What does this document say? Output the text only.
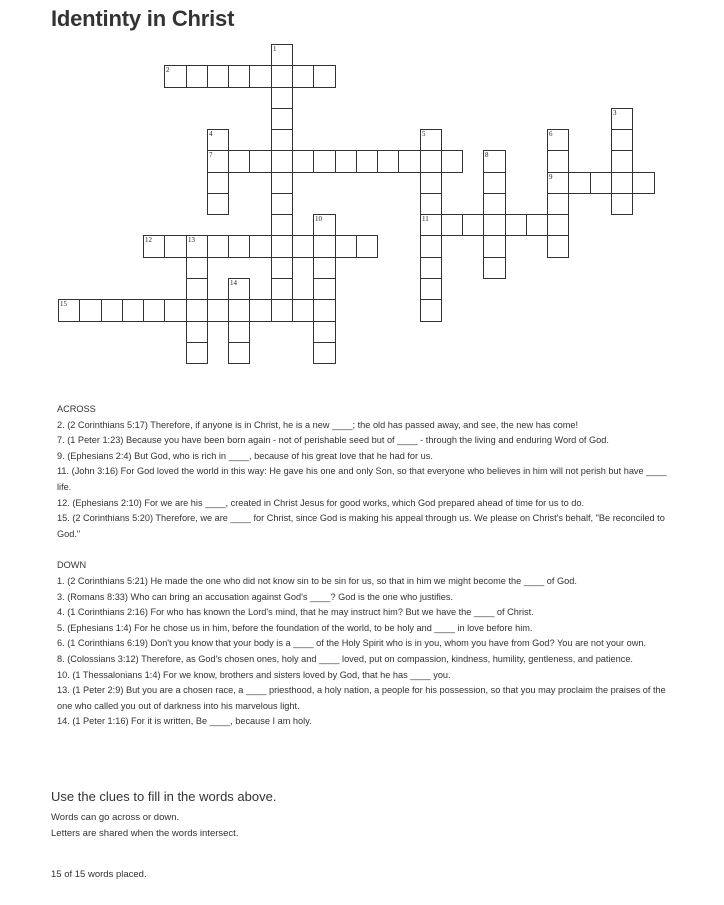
Identinty in Christ
1
2
3
4	5	6
7	8
9
10	11
12	13
14
15
ACROSS
2. (2 Corinthians 5:17) Therefore, if anyone is in Christ, he is a new ____; the old has passed away, and see, the new has come!
7. (1 Peter 1:23) Because you have been born again - not of perishable seed but of ____ - through the living and enduring Word of God.
9. (Ephesians 2:4) But God, who is rich in ____, because of his great love that he had for us.
11. (John 3:16) For God loved the world in this way: He gave his one and only Son, so that everyone who believes in him will not perish but have ____ life.
12. (Ephesians 2:10) For we are his ____, created in Christ Jesus for good works, which God prepared ahead of time for us to do.
15. (2 Corinthians 5:20) Therefore, we are ____ for Christ, since God is making his appeal through us. We please on Christ's behalf, "Be reconciled to God."
DOWN
1. (2 Corinthians 5:21) He made the one who did not know sin to be sin for us, so that in him we might become the ____ of God.
3. (Romans 8:33) Who can bring an accusation against God's ____? God is the one who justifies.
4. (1 Corinthians 2:16) For who has known the Lord's mind, that he may instruct him? But we have the ____ of Christ.
5. (Ephesians 1:4) For he chose us in him, before the foundation of the world, to be holy and ____ in love before him.
6. (1 Corinthians 6:19) Don't you know that your body is a ____ of the Holy Spirit who is in you, whom you have from God? You are not your own.
8. (Colossians 3:12) Therefore, as God's chosen ones, holy and ____ loved, put on compassion, kindness, humility, gentleness, and patience.
10. (1 Thessalonians 1:4) For we know, brothers and sisters loved by God, that he has ____ you.
13. (1 Peter 2:9) But you are a chosen race, a ____ priesthood, a holy nation, a people for his possession, so that you may proclaim the praises of the one who called you out of darkness into his marvelous light.
14. (1 Peter 1:16) For it is written, Be ____, because I am holy.
Use the clues to fill in the words above.
Words can go across or down.
Letters are shared when the words intersect.
15 of 15 words placed.
